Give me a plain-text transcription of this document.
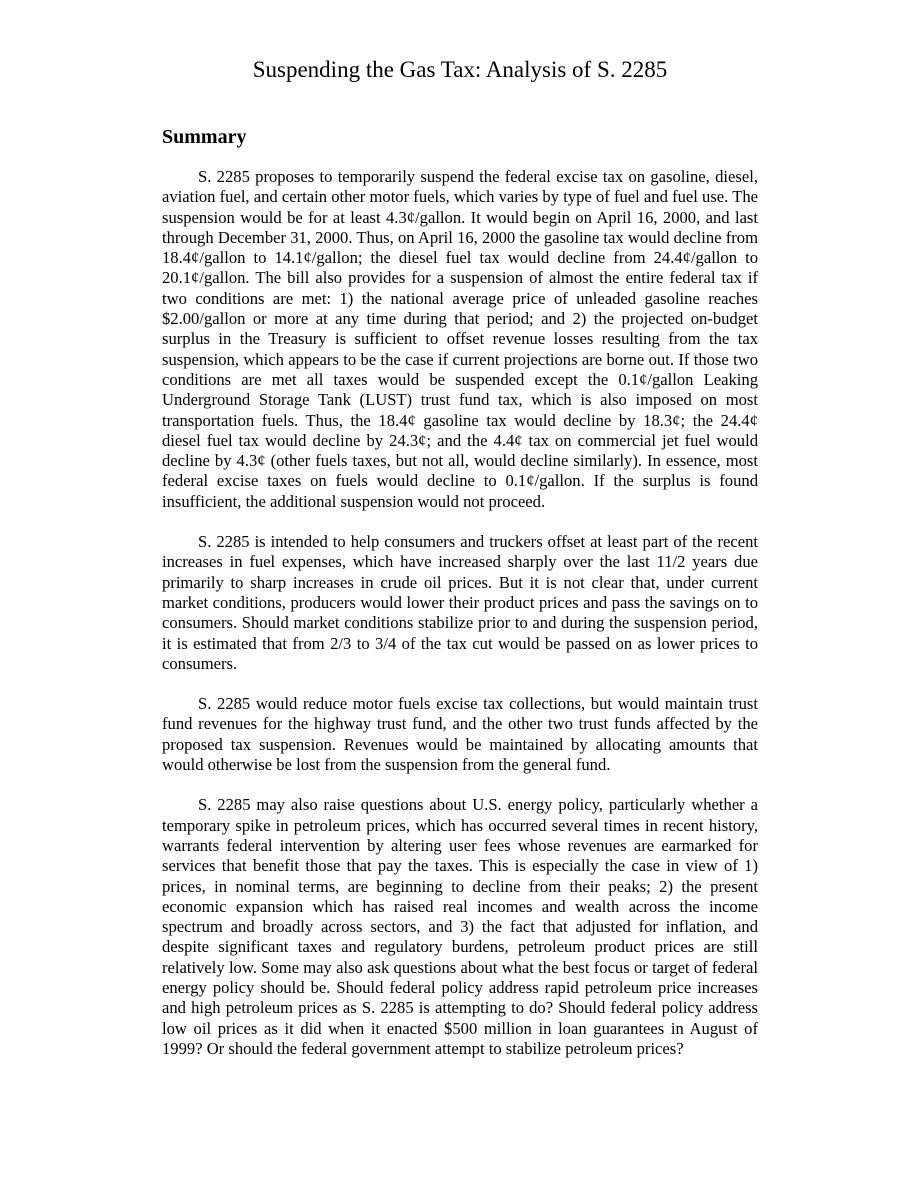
Suspending the Gas Tax: Analysis of S. 2285
Summary

S. 2285 proposes to temporarily suspend the federal excise tax on gasoline, diesel, aviation fuel, and certain other motor fuels, which varies by type of fuel and fuel use. The suspension would be for at least 4.3¢/gallon. It would begin on April 16, 2000, and last through December 31, 2000. Thus, on April 16, 2000 the gasoline tax would decline from 18.4¢/gallon to 14.1¢/gallon; the diesel fuel tax would decline from 24.4¢/gallon to 20.1¢/gallon. The bill also provides for a suspension of almost the entire federal tax if two conditions are met: 1) the national average price of unleaded gasoline reaches $2.00/gallon or more at any time during that period; and 2) the projected on-budget surplus in the Treasury is sufficient to offset revenue losses resulting from the tax suspension, which appears to be the case if current projections are borne out. If those two conditions are met all taxes would be suspended except the 0.1¢/gallon Leaking Underground Storage Tank (LUST) trust fund tax, which is also imposed on most transportation fuels. Thus, the 18.4¢ gasoline tax would decline by 18.3¢; the 24.4¢ diesel fuel tax would decline by 24.3¢; and the 4.4¢ tax on commercial jet fuel would decline by 4.3¢ (other fuels taxes, but not all, would decline similarly). In essence, most federal excise taxes on fuels would decline to 0.1¢/gallon. If the surplus is found insufficient, the additional suspension would not proceed.

S. 2285 is intended to help consumers and truckers offset at least part of the recent increases in fuel expenses, which have increased sharply over the last 11/2 years due primarily to sharp increases in crude oil prices. But it is not clear that, under current market conditions, producers would lower their product prices and pass the savings on to consumers. Should market conditions stabilize prior to and during the suspension period, it is estimated that from 2/3 to 3/4 of the tax cut would be passed on as lower prices to consumers.

S. 2285 would reduce motor fuels excise tax collections, but would maintain trust fund revenues for the highway trust fund, and the other two trust funds affected by the proposed tax suspension. Revenues would be maintained by allocating amounts that would otherwise be lost from the suspension from the general fund.

S. 2285 may also raise questions about U.S. energy policy, particularly whether a temporary spike in petroleum prices, which has occurred several times in recent history, warrants federal intervention by altering user fees whose revenues are earmarked for services that benefit those that pay the taxes. This is especially the case in view of 1) prices, in nominal terms, are beginning to decline from their peaks; 2) the present economic expansion which has raised real incomes and wealth across the income spectrum and broadly across sectors, and 3) the fact that adjusted for inflation, and despite significant taxes and regulatory burdens, petroleum product prices are still relatively low. Some may also ask questions about what the best focus or target of federal energy policy should be. Should federal policy address rapid petroleum price increases and high petroleum prices as S. 2285 is attempting to do? Should federal policy address low oil prices as it did when it enacted $500 million in loan guarantees in August of 1999? Or should the federal government attempt to stabilize petroleum prices?
